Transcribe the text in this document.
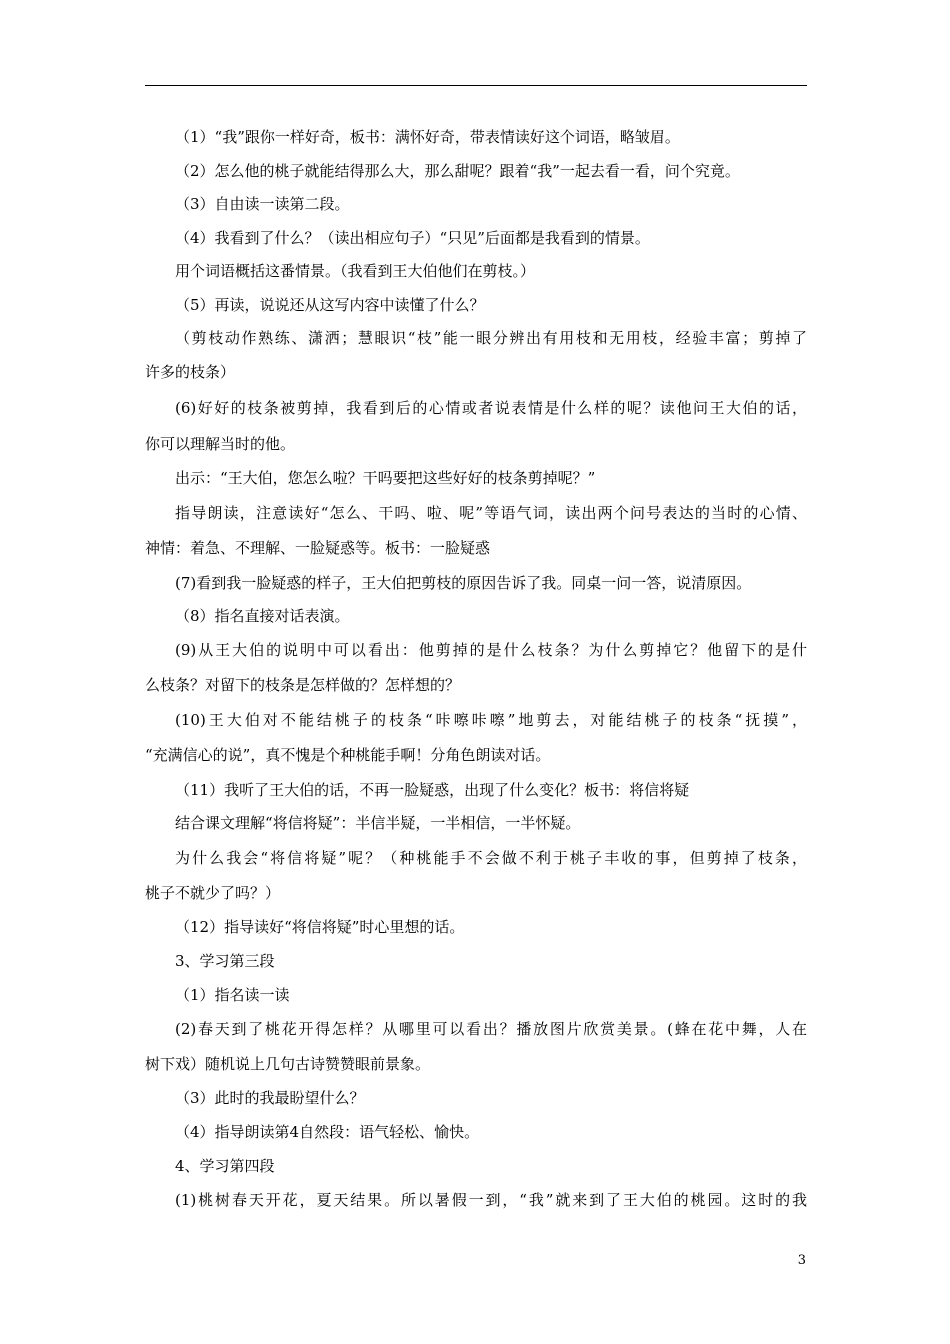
（1）“我”跟你一样好奇，板书：满怀好奇，带表情读好这个词语，略皱眉。
（2）怎么他的桃子就能结得那么大，那么甜呢？跟着“我”一起去看一看，问个究竟。
（3）自由读一读第二段。
（4）我看到了什么？（读出相应句子）“只见”后面都是我看到的情景。
用个词语概括这番情景。（我看到王大伯他们在剪枝。）
（5）再读，说说还从这写内容中读懂了什么？
（剪枝动作熟练、潇洒；慧眼识“枝”能一眼分辨出有用枝和无用枝，经验丰富；剪掉了
许多的枝条）
(6)好好的枝条被剪掉，我看到后的心情或者说表情是什么样的呢？读他问王大伯的话，
你可以理解当时的他。
出示：“王大伯，您怎么啦？干吗要把这些好好的枝条剪掉呢？”
指导朗读，注意读好“怎么、干吗、啦、呢”等语气词，读出两个问号表达的当时的心情、
神情：着急、不理解、一脸疑惑等。板书：一脸疑惑
(7)看到我一脸疑惑的样子，王大伯把剪枝的原因告诉了我。同桌一问一答，说清原因。
（8）指名直接对话表演。
(9)从王大伯的说明中可以看出：他剪掉的是什么枝条？为什么剪掉它？他留下的是什
么枝条？对留下的枝条是怎样做的？怎样想的？
(10)王大伯对不能结桃子的枝条“咔嚓咔嚓”地剪去，对能结桃子的枝条“抚摸”，
“充满信心的说”，真不愧是个种桃能手啊！分角色朗读对话。
（11）我听了王大伯的话，不再一脸疑惑，出现了什么变化？板书：将信将疑
结合课文理解“将信将疑”：半信半疑，一半相信，一半怀疑。
为什么我会“将信将疑”呢？（种桃能手不会做不利于桃子丰收的事，但剪掉了枝条，
桃子不就少了吗？）
（12）指导读好“将信将疑”时心里想的话。
3、学习第三段
（1）指名读一读
(2)春天到了桃花开得怎样？从哪里可以看出？播放图片欣赏美景。(蜂在花中舞，人在
树下戏）随机说上几句古诗赞赞眼前景象。
（3）此时的我最盼望什么？
（4）指导朗读第4自然段：语气轻松、愉快。
4、学习第四段
(1)桃树春天开花，夏天结果。所以暑假一到，“我”就来到了王大伯的桃园。这时的我
3
